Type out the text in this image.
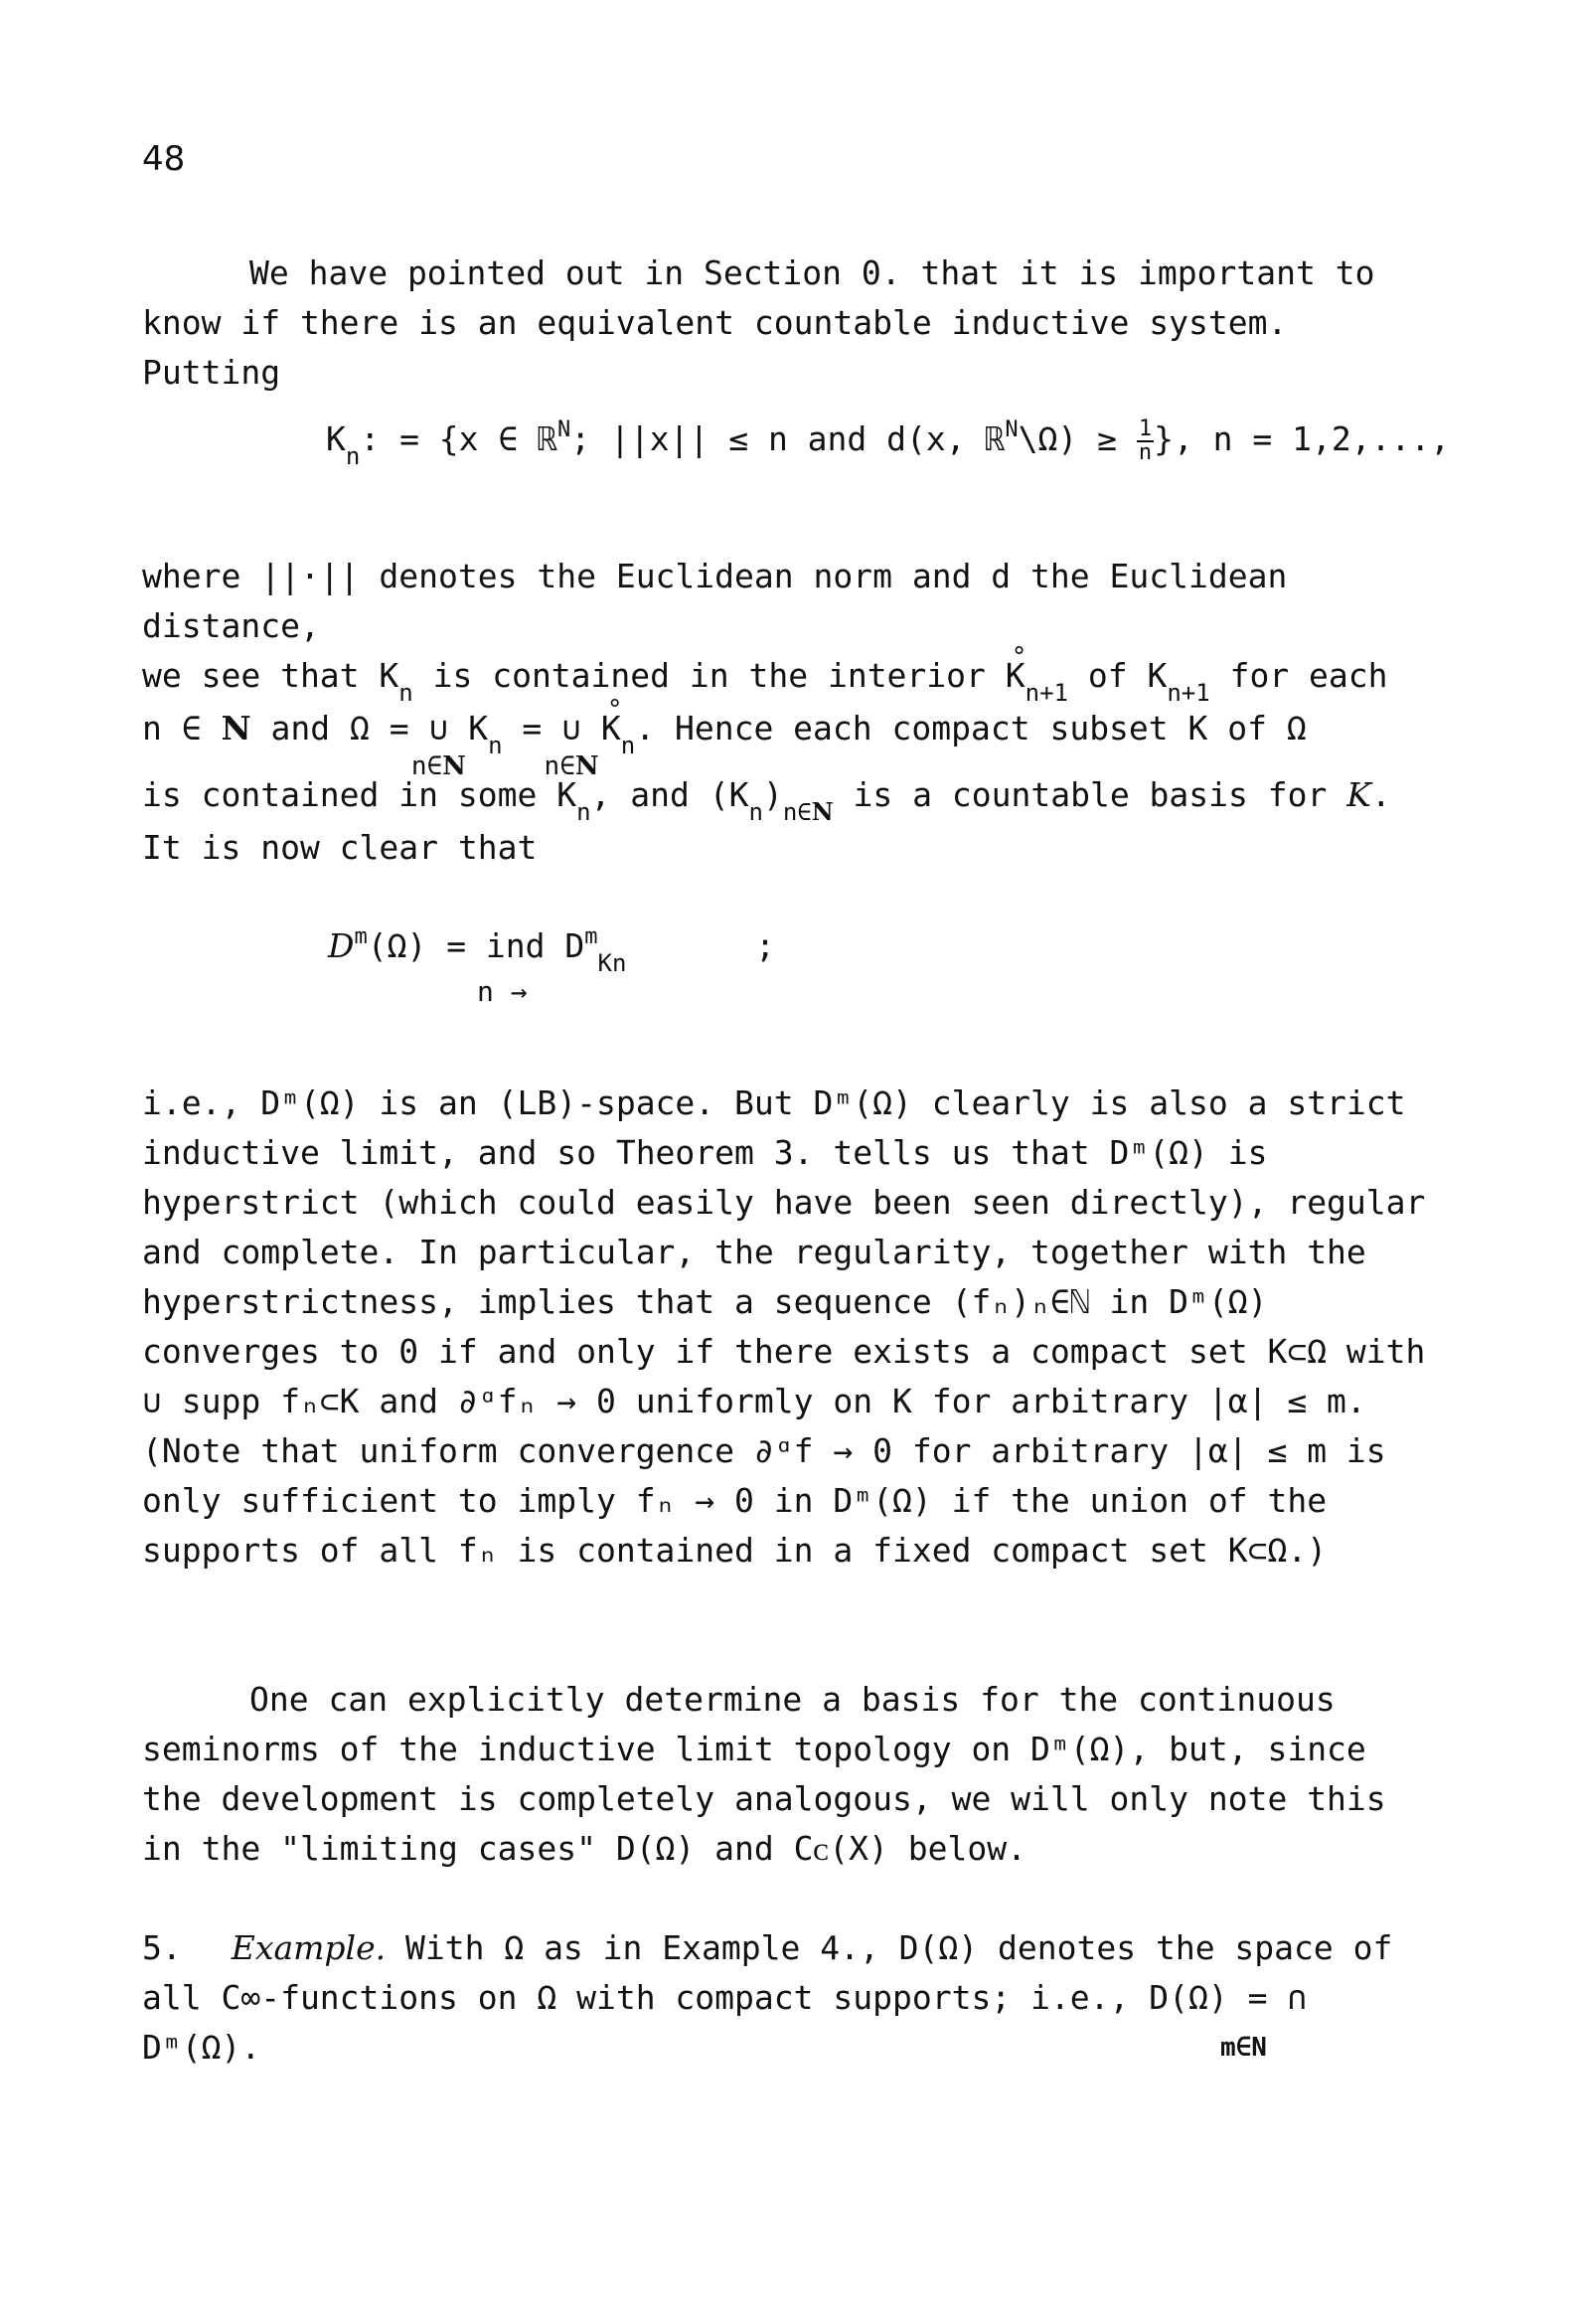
48
We have pointed out in Section 0. that it is important to know if there is an equivalent countable inductive system. Putting
$K_n$: = {x ∈ ℝ$^N$; ||x|| ≤ n and d(x, ℝ$^N$\Ω) ≥ $\frac{1}{n}$ }, n = 1,2,...,
where ||·|| denotes the Euclidean norm and d the Euclidean distance,
we see that $K_n$ is contained in the interior ° $K_{n+1}$ of $K_{n+1}$ for each
n ∈ N and Ω = ∪
n∈N
$K_n$ = ∪
n∈N
° $K_n$. Hence each compact subset K of Ω
is contained in some $K_n$, and $(K_n)_{n\in N}$ is a countable basis for K.
It is now clear that
$D^m(\Omega)$ = ind $D^m_{Kn}$	;
n →
i.e., Dᵐ(Ω) is an (LB)-space. But Dᵐ(Ω) clearly is also a strict inductive limit, and so Theorem 3. tells us that Dᵐ(Ω) is hyperstrict (which could easily have been seen directly), regular and complete. In particular, the regularity, together with the hyperstrictness, implies that a sequence (fₙ)ₙ∈ℕ in Dᵐ(Ω) converges to 0 if and only if there exists a compact set K⊂Ω with ∪ supp fₙ⊂K and ∂ᵅfₙ → 0 uniformly on K for arbitrary |α| ≤ m. (Note that uniform convergence ∂ᵅf → 0 for arbitrary |α| ≤ m is only sufficient to imply fₙ → 0 in Dᵐ(Ω) if the union of the supports of all fₙ is contained in a fixed compact set K⊂Ω.)
One can explicitly determine a basis for the continuous seminorms of the inductive limit topology on Dᵐ(Ω), but, since the development is completely analogous, we will only note this in the "limiting cases" D(Ω) and Cᴄ(X) below.
5. Example. With Ω as in Example 4., D(Ω) denotes the space of all C∞-functions on Ω with compact supports; i.e., D(Ω) = ∩ Dᵐ(Ω).	m∈N
